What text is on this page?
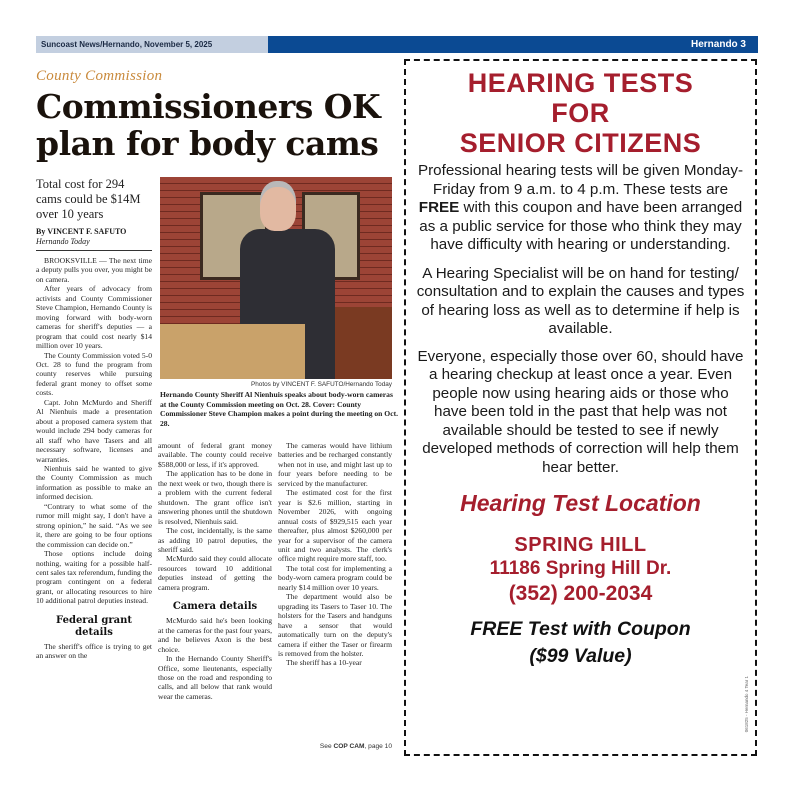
Suncoast News/Hernando, November 5, 2025	Hernando 3
County Commission
Commissioners OK plan for body cams
Total cost for 294 cams could be $14M over 10 years
By VINCENT F. SAFUTO
Hernando Today

BROOKSVILLE — The next time a deputy pulls you over, you might be on camera.

After years of advocacy from activists and County Commissioner Steve Champion, Hernando County is moving forward with body-worn cameras for sheriff's deputies — a program that could cost nearly $14 million over 10 years.

The County Commission voted 5-0 Oct. 28 to fund the program from county reserves while pursuing federal grant money to offset some costs.

Capt. John McMurdo and Sheriff Al Nienhuis made a presentation about a proposed camera system that would include 294 body cameras for all staff who have Tasers and all necessary software, licenses and warranties.

Nienhuis said he wanted to give the County Commission as much information as possible to make an informed decision.

“Contrary to what some of the rumor mill might say, I don't have a strong opinion,” he said. “As we see it, there are going to be four options the commission can decide on.”

Those options include doing nothing, waiting for a possible half-cent sales tax referendum, funding the program contingent on a federal grant, or allocating resources to hire 10 additional patrol deputies instead.

Federal grant details

The sheriff's office is trying to get an answer on the

Photos by VINCENT F. SAFUTO/Hernando Today
Hernando County Sheriff Al Nienhuis speaks about body-worn cameras at the County Commission meeting on Oct. 28. Cover: County Commissioner Steve Champion makes a point during the meeting on Oct. 28.

amount of federal grant money available. The county could receive $588,000 or less, if it's approved.

The application has to be done in the next week or two, though there is a problem with the current federal shutdown. The grant office isn't answering phones until the shutdown is resolved, Nienhuis said.

The cost, incidentally, is the same as adding 10 patrol deputies, the sheriff said.

McMurdo said they could allocate resources toward 10 additional deputies instead of getting the camera program.

Camera details

McMurdo said he's been looking at the cameras for the past four years, and he believes Axon is the best choice.

In the Hernando County Sheriff's Office, some lieutenants, especially those on the road and responding to calls, and all below that rank would wear the cameras.

The cameras would have lithium batteries and be recharged constantly when not in use, and might last up to four years before needing to be serviced by the manufacturer.

The estimated cost for the first year is $2.6 million, starting in November 2026, with ongoing annual costs of $929,515 each year thereafter, plus almost $260,000 per year for a supervisor of the camera unit and two analysts. The clerk's office might require more staff, too.

The total cost for implementing a body-worn camera program could be nearly $14 million over 10 years.

The department would also be upgrading its Tasers to Taser 10. The holsters for the Tasers and handguns have a sensor that would automatically turn on the deputy's camera if either the Taser or firearm is removed from the holster.

The sheriff has a 10-year

See COP CAM, page 10
HEARING TESTS
FOR
SENIOR CITIZENS

Professional hearing tests will be given Monday-Friday from 9 a.m. to 4 p.m. These tests are FREE with this coupon and have been arranged as a public service for those who think they may have difficulty with hearing or understanding.

A Hearing Specialist will be on hand for testing/ consultation and to explain the causes and types of hearing loss as well as to determine if help is available.

Everyone, especially those over 60, should have a hearing checkup at least once a year. Even people now using hearing aids or those who have been told in the past that help was not available should be tested to see if newly developed methods of correction will help them hear better.

Hearing Test Location
SPRING HILL
11186 Spring Hill Dr.
(352) 200-2034
FREE Test with Coupon
($99 Value)
061825 - Hernando 4 Tear 1
